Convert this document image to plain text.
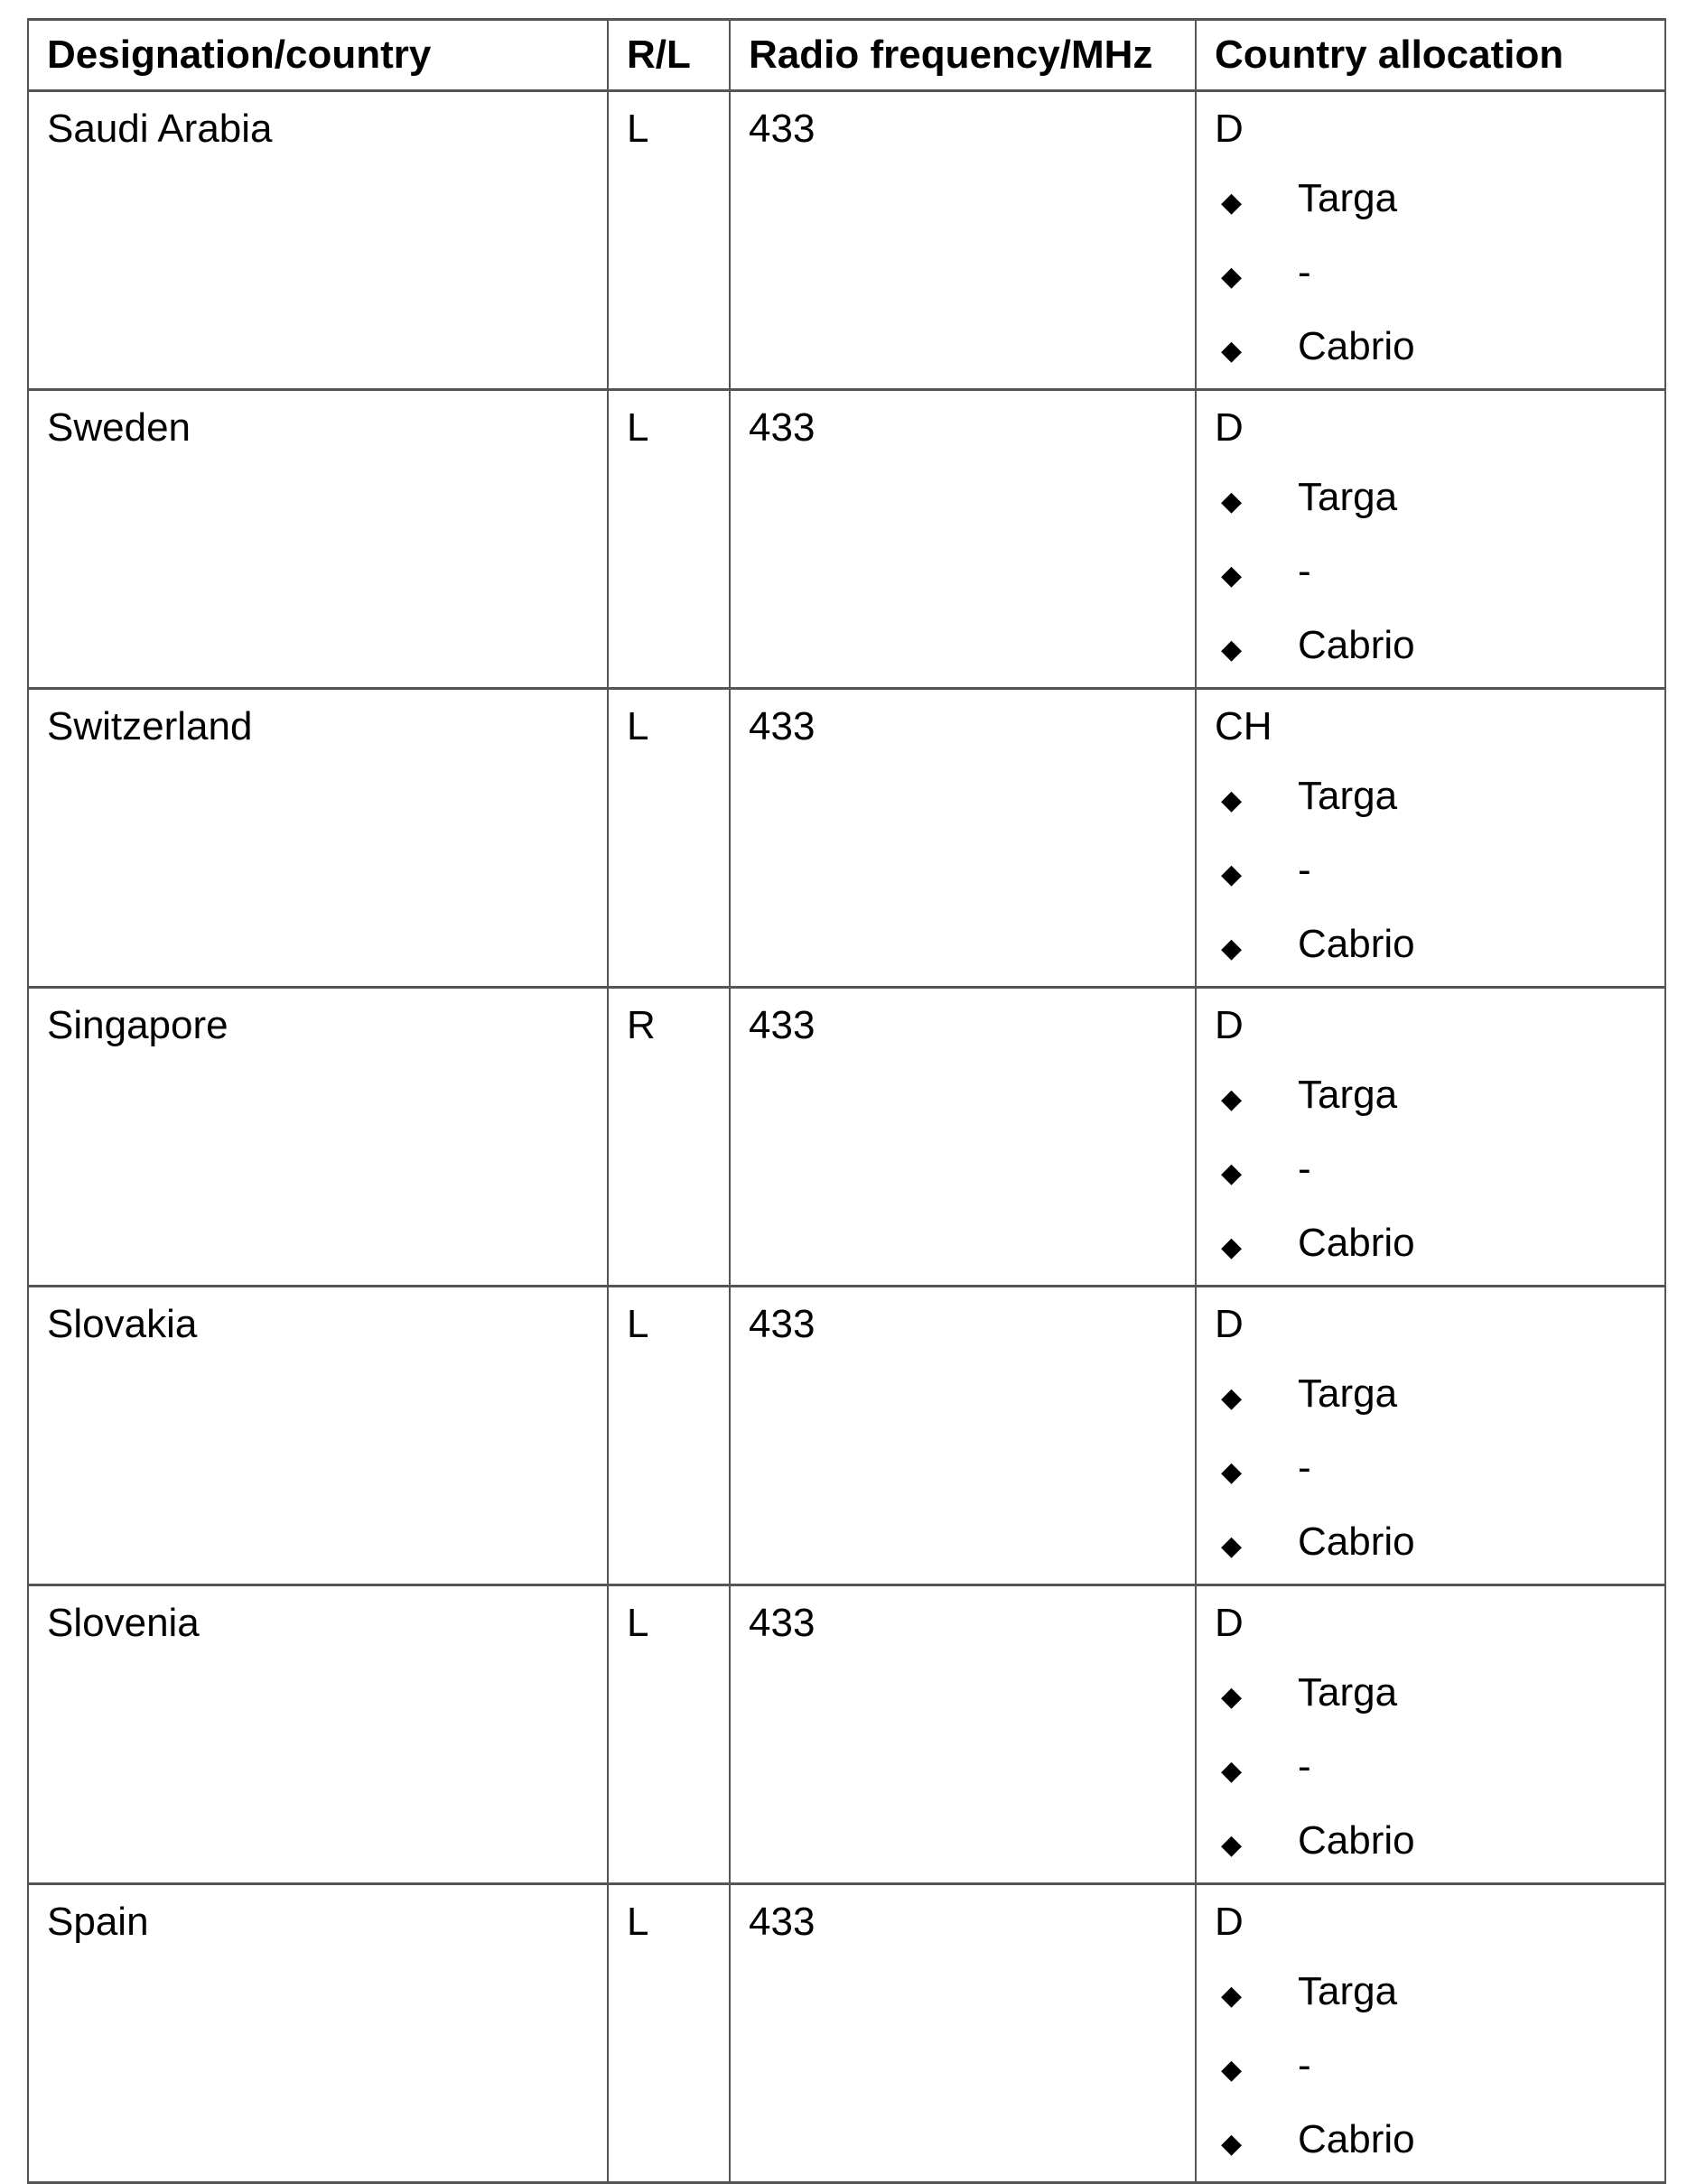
Designation/country	R/L	Radio frequency/MHz	Country allocation
Saudi Arabia	L	433	D
◆	Targa
◆	-
◆	Cabrio

Sweden	L	433	D
◆	Targa
◆	-
◆	Cabrio

Switzerland	L	433	CH
◆	Targa
◆	-
◆	Cabrio

Singapore	R	433	D
◆	Targa
◆	-
◆	Cabrio

Slovakia	L	433	D
◆	Targa
◆	-
◆	Cabrio

Slovenia	L	433	D
◆	Targa
◆	-
◆	Cabrio

Spain	L	433	D
◆	Targa
◆	-
◆	Cabrio
